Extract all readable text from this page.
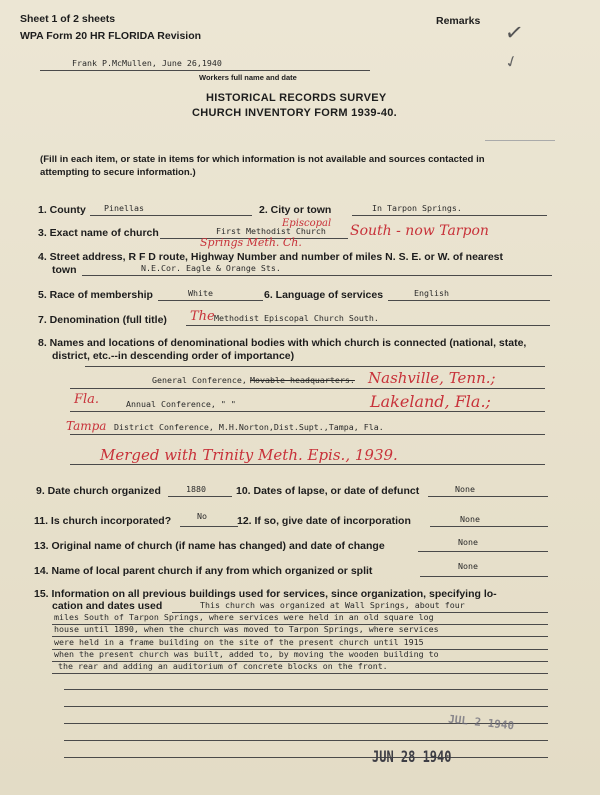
Sheet 1 of 2 sheets	Remarks ✓
✓
WPA Form 20 HR FLORIDA Revision
Frank P.McMullen, June 26,1940
Workers full name and date
HISTORICAL RECORDS SURVEY
CHURCH INVENTORY FORM 1939-40.
(Fill in each item, or state in items for which information is not available and sources contacted in
attempting to secure information.)
1. County Pinellas	2. City or town	In Tarpon Springs.
Episcopal
3. Exact name of church	First Methodist Church South - now Tarpon
Springs Meth. Ch.
4. Street address, R F D route, Highway Number and number of miles N. S. E. or W. of nearest
town	N.E.Cor. Eagle & Orange Sts.
5. Race of membership	White	6. Language of services	English
7. Denomination (full title) The Methodist Episcopal Church South.
8. Names and locations of denominational bodies with which church is connected (national, state,
district, etc.--in descending order of importance)
General Conference, Movable headquarters. Nashville, Tenn.;
Fla.	Annual Conference, " "	Lakeland, Fla.;
Tampa District Conference, M.H.Norton,Dist.Supt.,Tampa, Fla.
Merged with Trinity Meth. Epis., 1939.
9. Date church organized	1880	10. Dates of lapse, or date of defunct	None
11. Is church incorporated?	No	12. If so, give date of incorporation	None
13. Original name of church (if name has changed) and date of change	None
14. Name of local parent church if any from which organized or split	None
15. Information on all previous buildings used for services, since organization, specifying lo-
cation and dates used	This church was organized at Wall Springs, about four
miles South of Tarpon Springs, where services were held in an old square log
house until 1890, when the church was moved to Tarpon Springs, where services
were held in a frame building on the site of the present church until 1915
when the present church was built, added to, by moving the wooden building to
the rear and adding an auditorium of concrete blocks on the front.
JUL 2 1940
JUN 28 1940
